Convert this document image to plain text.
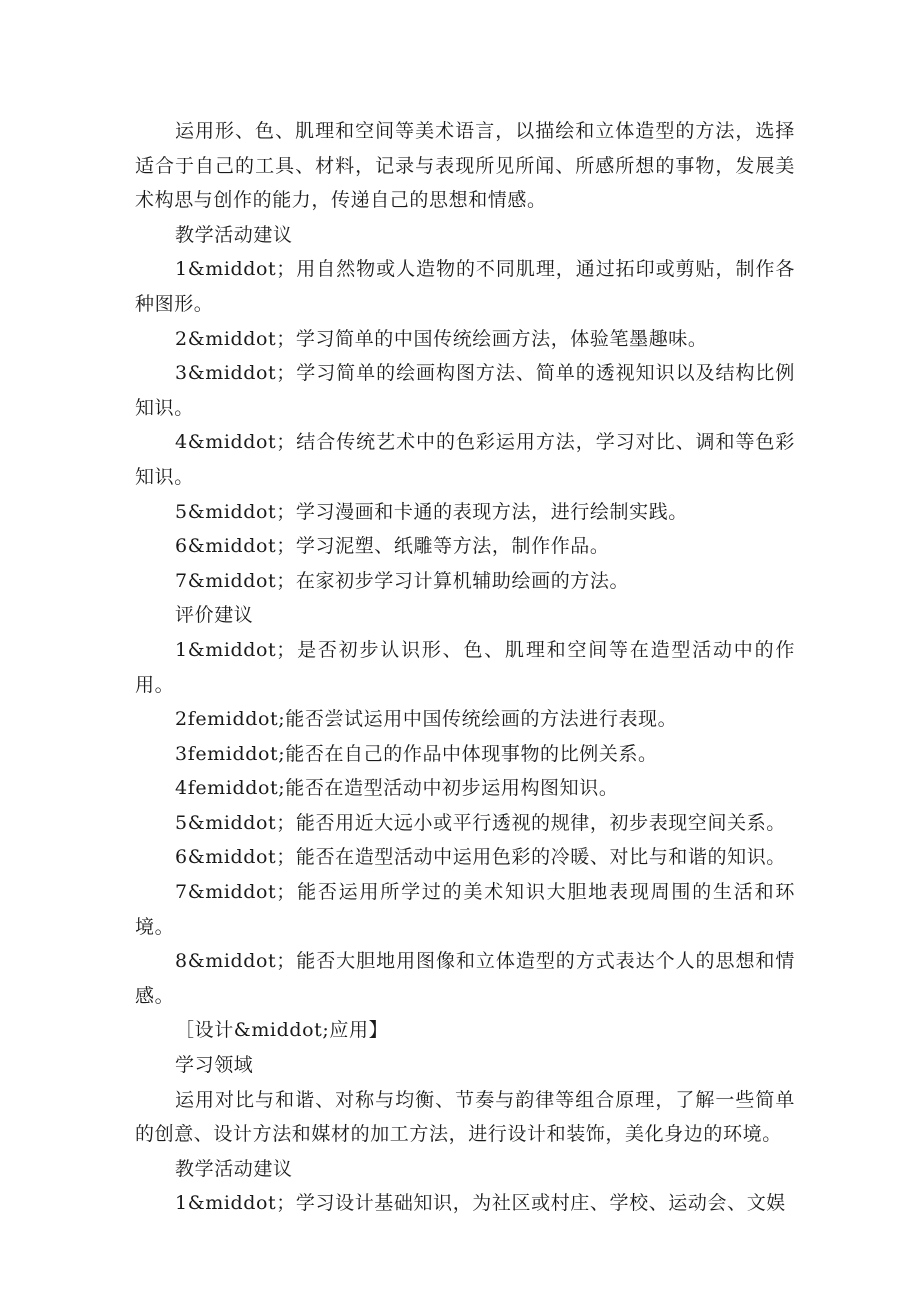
运用形、色、肌理和空间等美术语言，以描绘和立体造型的方法，选择适合于自己的工具、材料，记录与表现所见所闻、所感所想的事物，发展美术构思与创作的能力，传递自己的思想和情感。

教学活动建议

1&middot；用自然物或人造物的不同肌理，通过拓印或剪贴，制作各种图形。

2&middot；学习简单的中国传统绘画方法，体验笔墨趣味。

3&middot；学习简单的绘画构图方法、简单的透视知识以及结构比例知识。

4&middot；结合传统艺术中的色彩运用方法，学习对比、调和等色彩知识。

5&middot；学习漫画和卡通的表现方法，进行绘制实践。

6&middot；学习泥塑、纸雕等方法，制作作品。

7&middot；在家初步学习计算机辅助绘画的方法。

评价建议

1&middot；是否初步认识形、色、肌理和空间等在造型活动中的作用。

2femiddot;能否尝试运用中国传统绘画的方法进行表现。

3femiddot;能否在自己的作品中体现事物的比例关系。

4femiddot;能否在造型活动中初步运用构图知识。

5&middot；能否用近大远小或平行透视的规律，初步表现空间关系。

6&middot；能否在造型活动中运用色彩的冷暖、对比与和谐的知识。

7&middot；能否运用所学过的美术知识大胆地表现周围的生活和环境。

8&middot；能否大胆地用图像和立体造型的方式表达个人的思想和情感。

［设计&middot;应用】

学习领域

运用对比与和谐、对称与均衡、节奏与韵律等组合原理，了解一些简单的创意、设计方法和媒材的加工方法，进行设计和装饰，美化身边的环境。

教学活动建议

1&middot；学习设计基础知识，为社区或村庄、学校、运动会、文娱
